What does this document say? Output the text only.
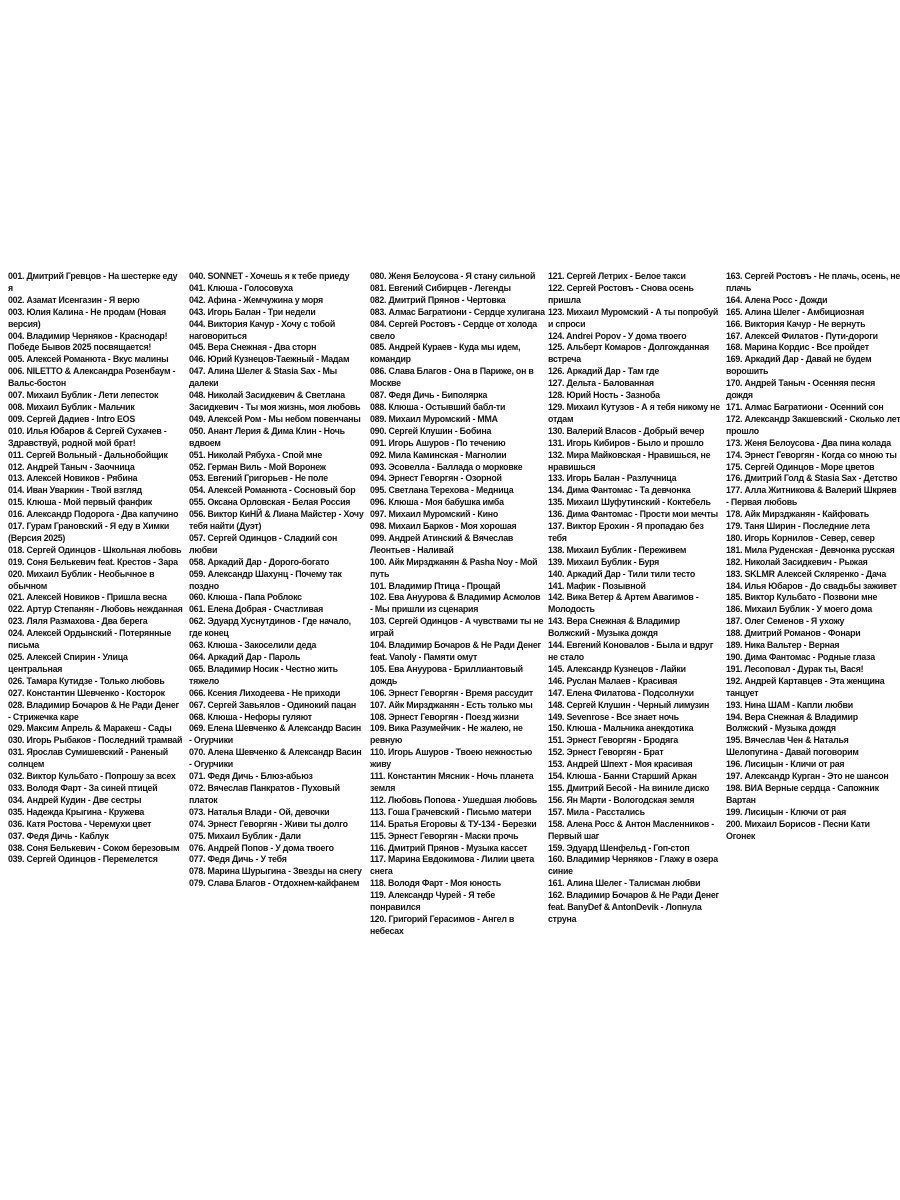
001. Дмитрий Гревцов - На шестерке еду я
002. Азамат Исенгазин - Я верю
003. Юлия Калина - Не продам (Новая версия)
004. Владимир Черняков - Краснодар! Победе Бывов 2025 посвящается!
005. Алексей Романюта - Вкус малины
006. NILETTO & Александра Розенбаум - Вальс-бостон
007. Михаил Бублик - Лети лепесток
008. Михаил Бублик - Мальчик
009. Сергей Дадиев - Intro EOS
010. Илья Юбаров & Сергей Сухачев - Здравствуй, родной мой брат!
011. Сергей Вольный - Дальнобойщик
012. Андрей Таныч - Заочница
013. Алексей Новиков - Рябина
014. Иван Уваркин - Твой взгляд
015. Клюша - Мой первый фанфик
016. Александр Подорога - Два капучино
017. Гурам Грановский - Я еду в Химки (Версия 2025)
018. Сергей Одинцов - Школьная любовь
019. Соня Белькевич feat. Крестов - Зара
020. Михаил Бублик - Необычное в обычном
021. Алексей Новиков - Пришла весна
022. Артур Степанян - Любовь нежданная
023. Ляля Размахова - Два берега
024. Алексей Ордынский - Потерянные письма
025. Алексей Спирин - Улица центральная
026. Тамара Кутидзе - Только любовь
027. Константин Шевченко - Косторок
028. Владимир Бочаров & Не Ради Денег - Стрижечка каре
029. Максим Апрель & Маракеш - Сады
030. Игорь Рыбаков - Последний трамвай
031. Ярослав Сумишевский - Раненый солнцем
032. Виктор Кульбато - Попрошу за всех
033. Володя Фарт - За синей птицей
034. Андрей Кудин - Две сестры
035. Надежда Крыгина - Кружева
036. Катя Ростова - Черемухи цвет
037. Федя Дичь - Каблук
038. Соня Белькевич - Соком березовым
039. Сергей Одинцов - Перемелется
040. SONNET - Хочешь я к тебе приеду
041. Клюша - Голосовуха
042. Афина - Жемчужина у моря
043. Игорь Балан - Три недели
044. Виктория Качур - Хочу с тобой наговориться
045. Вера Снежная - Два сторн
046. Юрий Кузнецов-Таежный - Мадам
047. Алина Шелег & Stasia Sax - Мы далеки
048. Николай Засидкевич & Светлана Засидкевич - Ты моя жизнь, моя любовь
049. Алексей Ром - Мы небом повенчаны
050. Анант Лерия & Дима Клин - Ночь вдвоем
051. Николай Рябуха - Спой мне
052. Герман Виль - Мой Воронеж
053. Евгений Григорьев - Не поле
054. Алексей Романюта - Сосновый бор
055. Оксана Орловская - Белая Россия
056. Виктор КиНЙ & Лиана Майстер - Хочу тебя найти (Дуэт)
057. Сергей Одинцов - Сладкий сон любви
058. Аркадий Дар - Дорого-богато
059. Александр Шахунц - Почему так поздно
060. Клюша - Папа Роблокс
061. Елена Добрая - Счастливая
062. Эдуард Хуснутдинов - Где начало, где конец
063. Клюша - Закоселили деда
064. Аркадий Дар - Пароль
065. Владимир Носик - Честно жить тяжело
066. Ксения Лиходеева - Не приходи
067. Сергей Завьялов - Одинокий пацан
068. Клюша - Нефоры гуляют
069. Елена Шевченко & Александр Васин - Огурчики
070. Алена Шевченко & Александр Васин - Огурчики
071. Федя Дичь - Блюз-абьюз
072. Вячеслав Панкратов - Пуховый платок
073. Наталья Влади - Ой, девочки
074. Эрнест Геворгян - Живи ты долго
075. Михаил Бублик - Дали
076. Андрей Попов - У дома твоего
077. Федя Дичь - У тебя
078. Марина Шурыгина - Звезды на снегу
079. Слава Благов - Отдохнем-кайфанем
080. Женя Белоусова - Я стану сильной
081. Евгений Сибирцев - Легенды
082. Дмитрий Прянов - Чертовка
083. Алмас Багратиони - Сердце хулигана
084. Сергей Ростовъ - Сердце от холода свело
085. Андрей Кураев - Куда мы идем, командир
086. Слава Благов - Она в Париже, он в Москве
087. Федя Дичь - Биполярка
088. Клюша - Остывший бабл-ти
089. Михаил Муромский - ММА
090. Сергей Клушин - Бобина
091. Игорь Ашуров - По течению
092. Мила Каминская - Магнолии
093. Эсовелла - Баллада о морковке
094. Эрнест Геворгян - Озорной
095. Светлана Терехова - Медница
096. Клюша - Моя бабушка имба
097. Михаил Муромский - Кино
098. Михаил Барков - Моя хорошая
099. Андрей Атинский & Вячеслав Леонтьев - Наливай
100. Айк Мирзджанян & Pasha Noy - Мой путь
101. Владимир Птица - Прощай
102. Ева Ануурова & Владимир Асмолов - Мы пришли из сценария
103. Сергей Одинцов - А чувствами ты не играй
104. Владимир Бочаров & Не Ради Денег feat. Vanoly - Памяти омут
105. Ева Ануурова - Бриллиантовый дождь
106. Эрнест Геворгян - Время рассудит
107. Айк Мирзджанян - Есть только мы
108. Эрнест Геворгян - Поезд жизни
109. Вика Разумейчик - Не жалею, не ревную
110. Игорь Ашуров - Твоею нежностью живу
111. Константин Мясник - Ночь планета земля
112. Любовь Попова - Ушедшая любовь
113. Гоша Грачевский - Письмо матери
114. Братья Егоровы & ТУ-134 - Березки
115. Эрнест Геворгян - Маски прочь
116. Дмитрий Прянов - Музыка кассет
117. Марина Евдокимова - Лилии цвета снега
118. Володя Фарт - Моя юность
119. Александр Чурей - Я тебе понравился
120. Григорий Герасимов - Ангел в небесах
121. Сергей Летрих - Белое такси
122. Сергей Ростовъ - Снова осень пришла
123. Михаил Муромский - А ты попробуй и спроси
124. Andrei Popov - У дома твоего
125. Альберт Комаров - Долгожданная встреча
126. Аркадий Дар - Там где
127. Дельта - Балованная
128. Юрий Ность - Зазноба
129. Михаил Кутузов - А я тебя никому не отдам
130. Валерий Власов - Добрый вечер
131. Игорь Кибиров - Было и прошло
132. Мира Майковская - Нравишься, не нравишься
133. Игорь Балан - Разлучница
134. Дима Фантомас - Та девчонка
135. Михаил Шуфутинский - Коктебель
136. Дима Фантомас - Прости мои мечты
137. Виктор Ерохин - Я пропадаю без тебя
138. Михаил Бублик - Переживем
139. Михаил Бублик - Буря
140. Аркадий Дар - Тили тили тесто
141. Мафик - Позывной
142. Вика Ветер & Артем Авагимов - Молодость
143. Вера Снежная & Владимир Волжский - Музыка дождя
144. Евгений Коновалов - Была и вдруг не стало
145. Александр Кузнецов - Лайки
146. Руслан Малаев - Красивая
147. Елена Филатова - Подсолнухи
148. Сергей Клушин - Черный лимузин
149. Sevenrose - Все знает ночь
150. Клюша - Мальчика анекдотика
151. Эрнест Геворгян - Бродяга
152. Эрнест Геворгян - Брат
153. Андрей Шпехт - Моя красивая
154. Клюша - Банни Старший Аркан
155. Дмитрий Бесой - На виниле диско
156. Ян Марти - Вологодская земля
157. Мила - Расстались
158. Алена Росс & Антон Масленников - Первый шаг
159. Эдуард Шенфельд - Гоп-стоп
160. Владимир Черняков - Глажу в озера синие
161. Алина Шелег - Талисман любви
162. Владимир Бочаров & Не Ради Денег feat. BanyDef & AntonDevik - Лопнула струна
163. Сергей Ростовъ - Не плачь, осень, не плачь
164. Алена Росс - Дожди
165. Алина Шелег - Амбициозная
166. Виктория Качур - Не вернуть
167. Алексей Филатов - Пути-дороги
168. Марина Кордис - Все пройдет
169. Аркадий Дар - Давай не будем ворошить
170. Андрей Таныч - Осенняя песня дождя
171. Алмас Багратиони - Осенний сон
172. Александр Закшевский - Сколько лет прошло
173. Женя Белоусова - Два пина колада
174. Эрнест Геворгян - Когда со мною ты
175. Сергей Одинцов - Море цветов
176. Дмитрий Голд & Stasia Sax - Детство
177. Алла Житникова & Валерий Шкряев - Первая любовь
178. Айк Мирзджанян - Кайфовать
179. Таня Ширин - Последние лета
180. Игорь Корнилов - Север, север
181. Мила Руденская - Девчонка русская
182. Николай Засидкевич - Рыжая
183. SKLMR Алексей Скляренко - Дача
184. Илья Юбаров - До свадьбы заживет
185. Виктор Кульбато - Позвони мне
186. Михаил Бублик - У моего дома
187. Олег Семенов - Я ухожу
188. Дмитрий Романов - Фонари
189. Ника Вальтер - Верная
190. Дима Фантомас - Родные глаза
191. Лесоповал - Дурак ты, Вася!
192. Андрей Картавцев - Эта женщина танцует
193. Нина ШАМ - Капли любви
194. Вера Снежная & Владимир Волжский - Музыка дождя
195. Вячеслав Чен & Наталья Шелопугина - Давай поговорим
196. Лисицын - Кличи от рая
197. Александр Курган - Это не шансон
198. ВИА Верные сердца - Сапожник Вартан
199. Лисицын - Ключи от рая
200. Михаил Борисов - Песни Кати Огонек
